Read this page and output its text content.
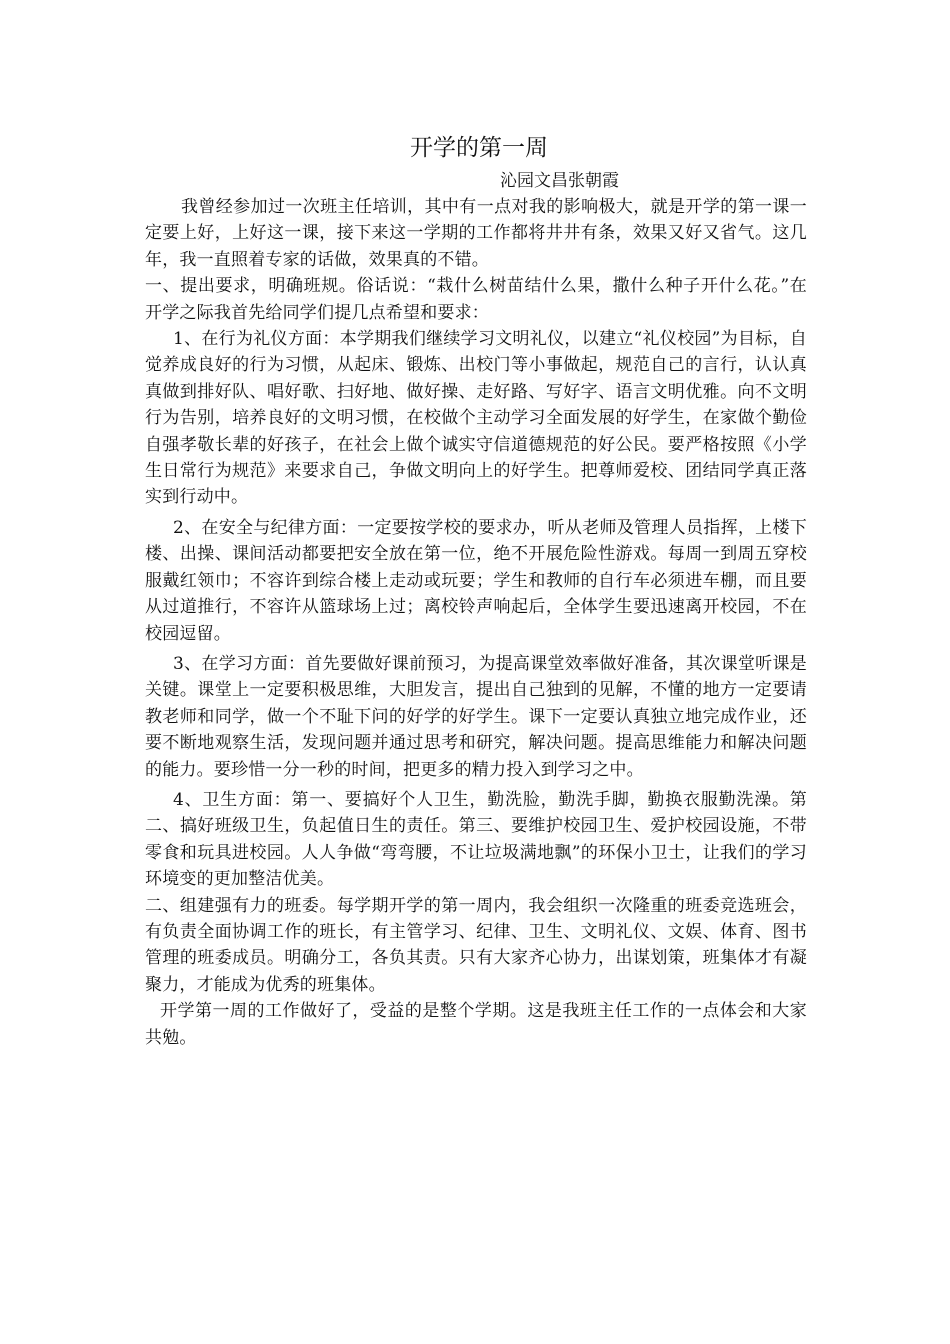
开学的第一周

沁园文昌张朝霞

我曾经参加过一次班主任培训，其中有一点对我的影响极大，就是开学的第一课一定要上好，上好这一课，接下来这一学期的工作都将井井有条，效果又好又省气。这几年，我一直照着专家的话做，效果真的不错。

一、提出要求，明确班规。俗话说：“栽什么树苗结什么果，撒什么种子开什么花。”在开学之际我首先给同学们提几点希望和要求：

1、在行为礼仪方面：本学期我们继续学习文明礼仪，以建立“礼仪校园”为目标，自觉养成良好的行为习惯，从起床、锻炼、出校门等小事做起，规范自己的言行，认认真真做到排好队、唱好歌、扫好地、做好操、走好路、写好字、语言文明优雅。向不文明行为告别，培养良好的文明习惯，在校做个主动学习全面发展的好学生，在家做个勤俭自强孝敬长辈的好孩子，在社会上做个诚实守信道德规范的好公民。要严格按照《小学生日常行为规范》来要求自己，争做文明向上的好学生。把尊师爱校、团结同学真正落实到行动中。

2、在安全与纪律方面：一定要按学校的要求办，听从老师及管理人员指挥，上楼下楼、出操、课间活动都要把安全放在第一位，绝不开展危险性游戏。每周一到周五穿校服戴红领巾；不容许到综合楼上走动或玩要；学生和教师的自行车必须进车棚，而且要从过道推行，不容许从篮球场上过；离校铃声响起后，全体学生要迅速离开校园，不在校园逗留。

3、在学习方面：首先要做好课前预习，为提高课堂效率做好准备，其次课堂听课是关键。课堂上一定要积极思维，大胆发言，提出自己独到的见解，不懂的地方一定要请教老师和同学，做一个不耻下问的好学的好学生。课下一定要认真独立地完成作业，还要不断地观察生活，发现问题并通过思考和研究，解决问题。提高思维能力和解决问题的能力。要珍惜一分一秒的时间，把更多的精力投入到学习之中。

4、卫生方面：第一、要搞好个人卫生，勤洗脸，勤洗手脚，勤换衣服勤洗澡。第二、搞好班级卫生，负起值日生的责任。第三、要维护校园卫生、爱护校园设施，不带零食和玩具进校园。人人争做“弯弯腰，不让垃圾满地飘”的环保小卫士，让我们的学习环境变的更加整洁优美。

二、组建强有力的班委。每学期开学的第一周内，我会组织一次隆重的班委竞选班会，有负责全面协调工作的班长，有主管学习、纪律、卫生、文明礼仪、文娱、体育、图书管理的班委成员。明确分工，各负其责。只有大家齐心协力，出谋划策，班集体才有凝聚力，才能成为优秀的班集体。

开学第一周的工作做好了，受益的是整个学期。这是我班主任工作的一点体会和大家共勉。
